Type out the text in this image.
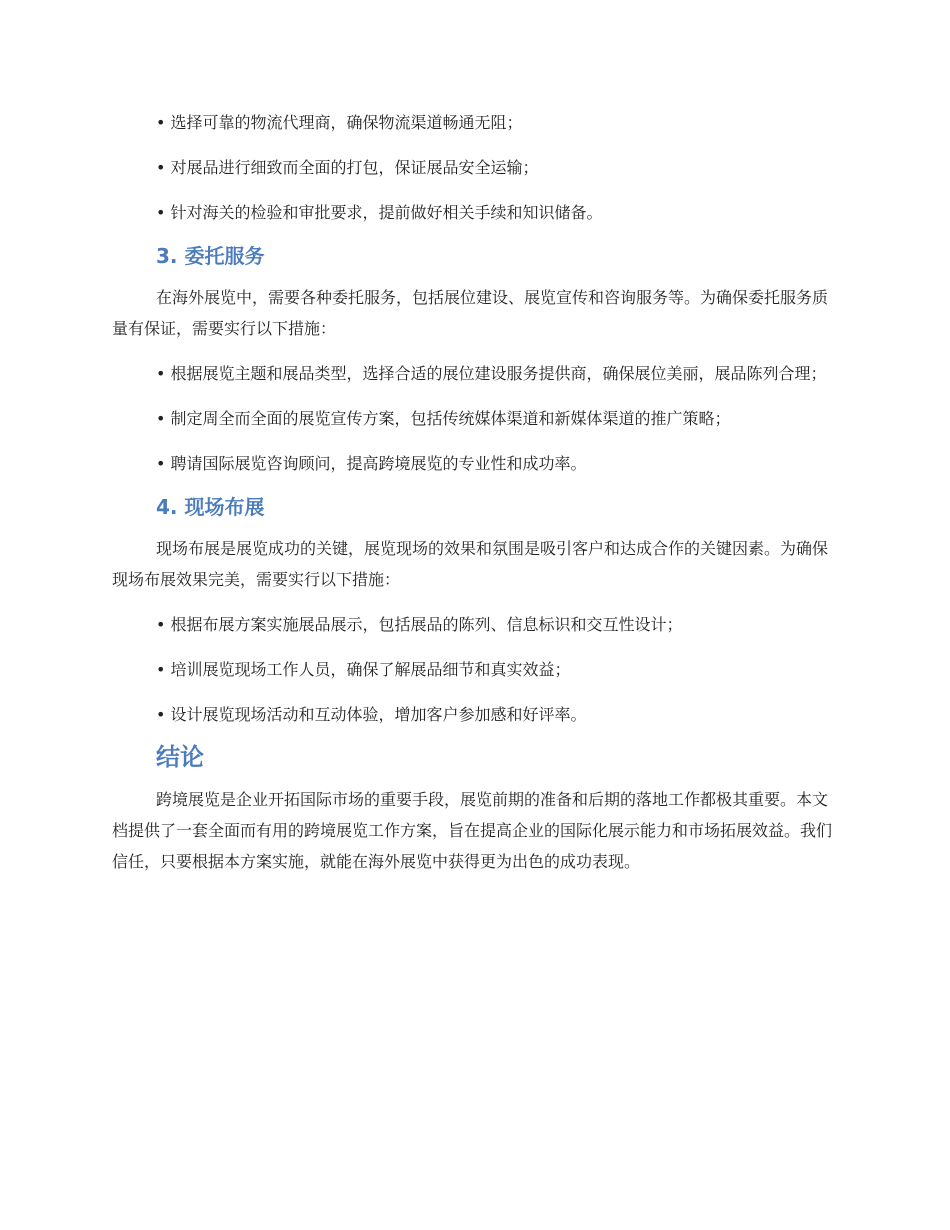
• 选择可靠的物流代理商，确保物流渠道畅通无阻；

• 对展品进行细致而全面的打包，保证展品安全运输；

• 针对海关的检验和审批要求，提前做好相关手续和知识储备。

3. 委托服务

在海外展览中，需要各种委托服务，包括展位建设、展览宣传和咨询服务等。为确保委托服务质量有保证，需要实行以下措施：

• 根据展览主题和展品类型，选择合适的展位建设服务提供商，确保展位美丽，展品陈列合理；

• 制定周全而全面的展览宣传方案，包括传统媒体渠道和新媒体渠道的推广策略；

• 聘请国际展览咨询顾问，提高跨境展览的专业性和成功率。

4. 现场布展

现场布展是展览成功的关键，展览现场的效果和氛围是吸引客户和达成合作的关键因素。为确保现场布展效果完美，需要实行以下措施：

• 根据布展方案实施展品展示，包括展品的陈列、信息标识和交互性设计；

• 培训展览现场工作人员，确保了解展品细节和真实效益；

• 设计展览现场活动和互动体验，增加客户参加感和好评率。

结论

跨境展览是企业开拓国际市场的重要手段，展览前期的准备和后期的落地工作都极其重要。本文档提供了一套全面而有用的跨境展览工作方案，旨在提高企业的国际化展示能力和市场拓展效益。我们信任，只要根据本方案实施，就能在海外展览中获得更为出色的成功表现。
